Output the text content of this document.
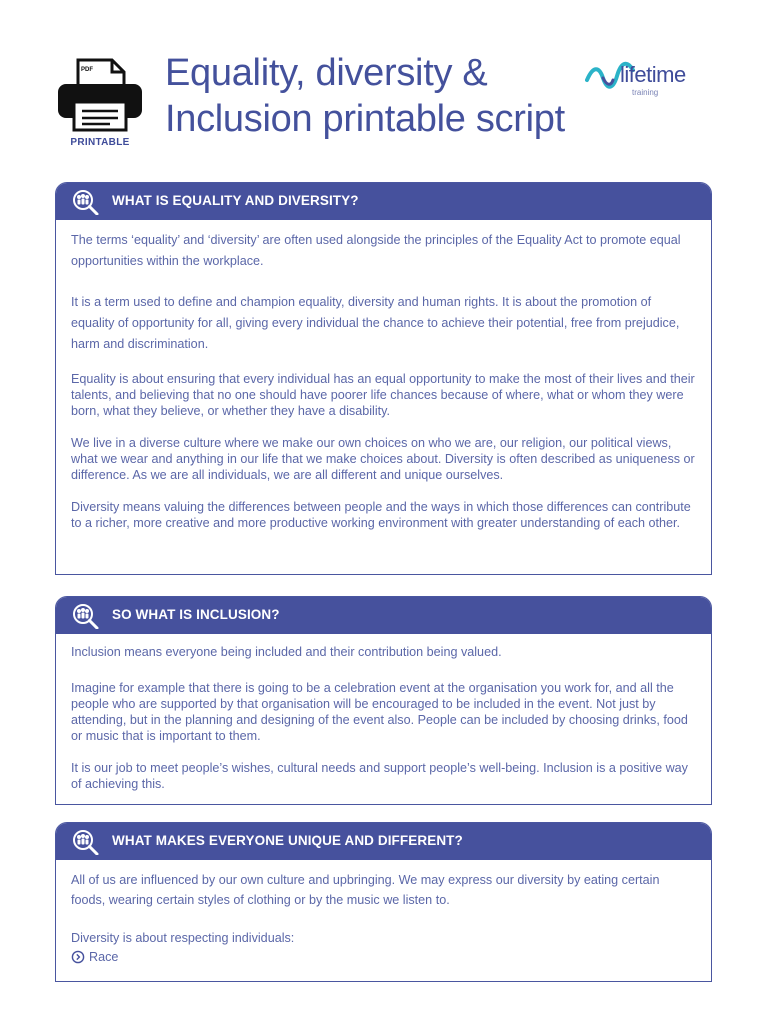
PDF
PRINTABLE
Equality, diversity &
Inclusion printable script
lifetime
training
WHAT IS EQUALITY AND DIVERSITY?

The terms ‘equality’ and ‘diversity’ are often used alongside the principles of the Equality Act to promote equal opportunities within the workplace.

It is a term used to define and champion equality, diversity and human rights. It is about the promotion of equality of opportunity for all, giving every individual the chance to achieve their potential, free from prejudice, harm and discrimination.

Equality is about ensuring that every individual has an equal opportunity to make the most of their lives and their talents, and believing that no one should have poorer life chances because of where, what or whom they were born, what they believe, or whether they have a disability.

We live in a diverse culture where we make our own choices on who we are, our religion, our political views, what we wear and anything in our life that we make choices about. Diversity is often described as uniqueness or difference. As we are all individuals, we are all different and unique ourselves.

Diversity means valuing the differences between people and the ways in which those differences can contribute to a richer, more creative and more productive working environment with greater understanding of each other.

SO WHAT IS INCLUSION?

Inclusion means everyone being included and their contribution being valued.

Imagine for example that there is going to be a celebration event at the organisation you work for, and all the people who are supported by that organisation will be encouraged to be included in the event. Not just by attending, but in the planning and designing of the event also. People can be included by choosing drinks, food or music that is important to them.

It is our job to meet people’s wishes, cultural needs and support people’s well-being. Inclusion is a positive way of achieving this.

WHAT MAKES EVERYONE UNIQUE AND DIFFERENT?

All of us are influenced by our own culture and upbringing. We may express our diversity by eating certain foods, wearing certain styles of clothing or by the music we listen to.

Diversity is about respecting individuals:

Race
